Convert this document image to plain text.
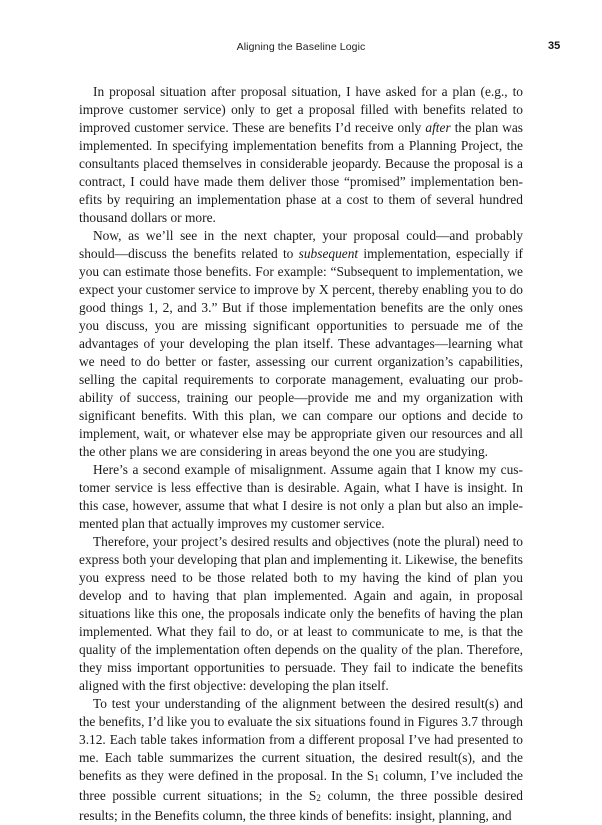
Aligning the Baseline Logic	35

In proposal situation after proposal situation, I have asked for a plan (e.g., to improve customer service) only to get a proposal filled with benefits related to improved customer service. These are benefits I’d receive only after the plan was implemented. In specifying implementation benefits from a Planning Project, the consultants placed themselves in considerable jeopardy. Because the proposal is a contract, I could have made them deliver those “promised” implementation benefits by requiring an implementation phase at a cost to them of several hundred thousand dollars or more.

Now, as we’ll see in the next chapter, your proposal could—and probably should—discuss the benefits related to subsequent implementation, especially if you can estimate those benefits. For example: “Subsequent to implementation, we expect your customer service to improve by X percent, thereby enabling you to do good things 1, 2, and 3.” But if those implementation benefits are the only ones you discuss, you are missing significant opportunities to persuade me of the advantages of your developing the plan itself. These advantages—learning what we need to do better or faster, assessing our current organization’s capabilities, selling the capital requirements to corporate management, evaluating our probability of success, training our people—provide me and my organization with significant benefits. With this plan, we can compare our options and decide to implement, wait, or whatever else may be appropriate given our resources and all the other plans we are considering in areas beyond the one you are studying.

Here’s a second example of misalignment. Assume again that I know my customer service is less effective than is desirable. Again, what I have is insight. In this case, however, assume that what I desire is not only a plan but also an implemented plan that actually improves my customer service.

Therefore, your project’s desired results and objectives (note the plural) need to express both your developing that plan and implementing it. Likewise, the benefits you express need to be those related both to my having the kind of plan you develop and to having that plan implemented. Again and again, in proposal situations like this one, the proposals indicate only the benefits of having the plan implemented. What they fail to do, or at least to communicate to me, is that the quality of the implementation often depends on the quality of the plan. Therefore, they miss important opportunities to persuade. They fail to indicate the benefits aligned with the first objective: developing the plan itself.

To test your understanding of the alignment between the desired result(s) and the benefits, I’d like you to evaluate the six situations found in Figures 3.7 through 3.12. Each table takes information from a different proposal I’ve had presented to me. Each table summarizes the current situation, the desired result(s), and the benefits as they were defined in the proposal. In the S1 column, I’ve included the three possible current situations; in the S2 column, the three possible desired results; in the Benefits column, the three kinds of benefits: insight, planning, and
